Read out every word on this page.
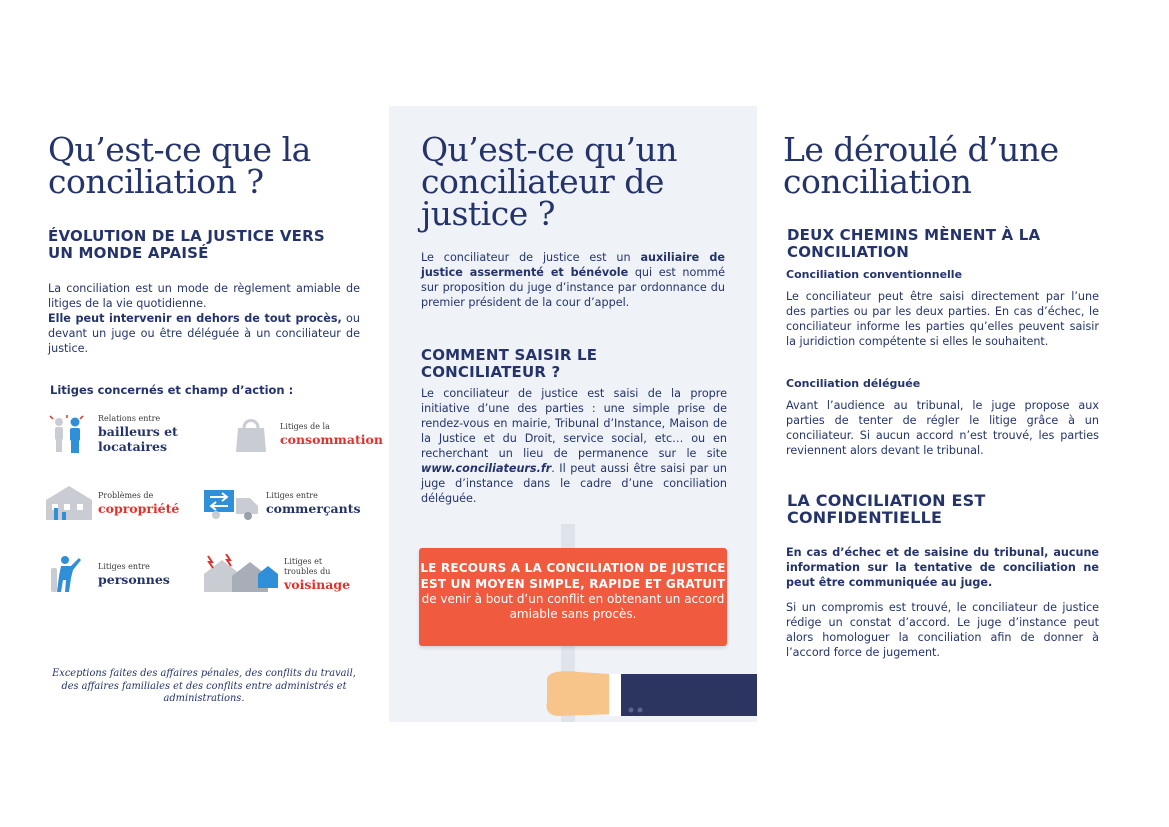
Qu’est-ce que la conciliation ?
ÉVOLUTION DE LA JUSTICE VERS UN MONDE APAISÉ

La conciliation est un mode de règlement amiable de litiges de la vie quotidienne.
Elle peut intervenir en dehors de tout procès, ou devant un juge ou être déléguée à un conciliateur de justice.

Litiges concernés et champ d’action :
Relations entre
bailleurs et locataires
Litiges de la
consommation
Problèmes de
copropriété
Litiges entre
commerçants
Litiges entre
personnes
Litiges et troubles du
voisinage

Exceptions faites des affaires pénales, des conflits du travail, des affaires familiales et des conflits entre administrés et administrations.

Qu’est-ce qu’un conciliateur de justice ?

Le conciliateur de justice est un auxiliaire de justice assermenté et bénévole qui est nommé sur proposition du juge d’instance par ordonnance du premier président de la cour d’appel.

COMMENT SAISIR LE CONCILIATEUR ?

Le conciliateur de justice est saisi de la propre initiative d’une des parties : une simple prise de rendez-vous en mairie, Tribunal d’Instance, Maison de la Justice et du Droit, service social, etc… ou en recherchant un lieu de permanence sur le site www.conciliateurs.fr. Il peut aussi être saisi par un juge d’instance dans le cadre d’une conciliation déléguée.

LE RECOURS A LA CONCILIATION DE JUSTICE EST UN MOYEN SIMPLE, RAPIDE ET GRATUIT
de venir à bout d’un conflit en obtenant un accord amiable sans procès.
Le déroulé d’une conciliation
DEUX CHEMINS MÈNENT À LA CONCILIATION
Conciliation conventionnelle

Le conciliateur peut être saisi directement par l’une des parties ou par les deux parties. En cas d’échec, le conciliateur informe les parties qu’elles peuvent saisir la juridiction compétente si elles le souhaitent.

Conciliation déléguée

Avant l’audience au tribunal, le juge propose aux parties de tenter de régler le litige grâce à un conciliateur. Si aucun accord n’est trouvé, les parties reviennent alors devant le tribunal.

LA CONCILIATION EST CONFIDENTIELLE

En cas d’échec et de saisine du tribunal, aucune information sur la tentative de conciliation ne peut être communiquée au juge.

Si un compromis est trouvé, le conciliateur de justice rédige un constat d’accord. Le juge d’instance peut alors homologuer la conciliation afin de donner à l’accord force de jugement.
